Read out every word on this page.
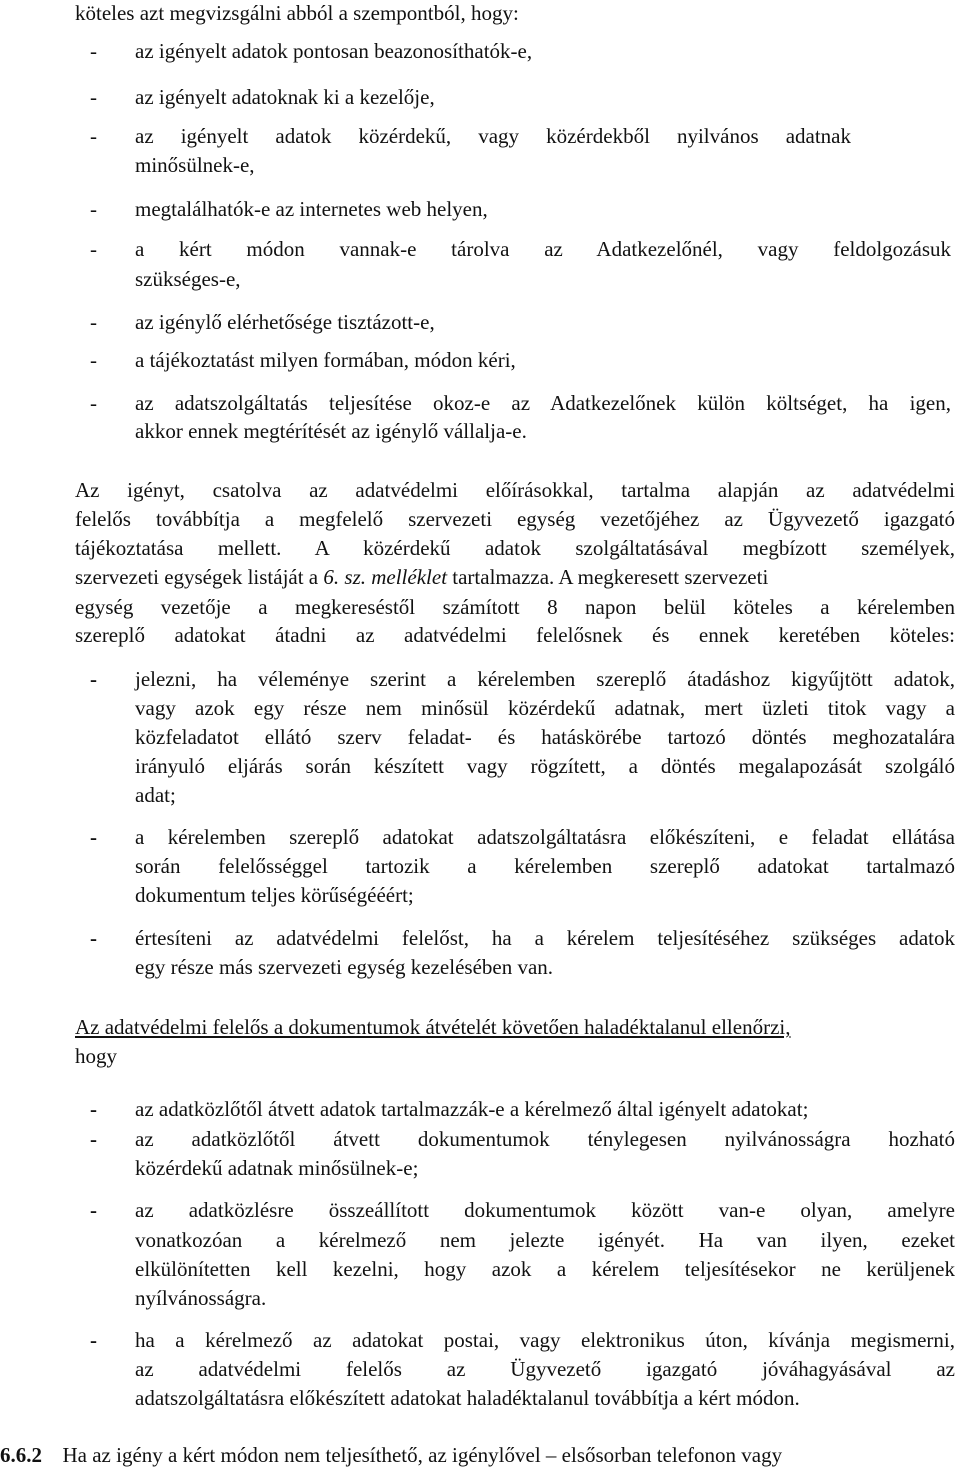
köteles azt megvizsgálni abból a szempontból, hogy:
- az igényelt adatok pontosan beazonosíthatók-e,
- az igényelt adatoknak ki a kezelője,
- az igényelt adatok közérdekű, vagy közérdekből nyilvános adatnak
minősülnek-e,
- megtalálhatók-e az internetes web helyen,
- a kért módon vannak-e tárolva az Adatkezelőnél, vagy feldolgozásuk
szükséges-e,
- az igénylő elérhetősége tisztázott-e,
- a tájékoztatást milyen formában, módon kéri,
- az adatszolgáltatás teljesítése okoz-e az Adatkezelőnek külön költséget, ha igen,
akkor ennek megtérítését az igénylő vállalja-e.
Az igényt, csatolva az adatvédelmi előírásokkal, tartalma alapján az adatvédelmi
felelős továbbítja a megfelelő szervezeti egység vezetőjéhez az Ügyvezető igazgató
tájékoztatása mellett. A közérdekű adatok szolgáltatásával megbízott személyek,
szervezeti egységek listáját a 6. sz. melléklet tartalmazza. A megkeresett szervezeti
egység vezetője a megkereséstől számított 8 napon belül köteles a kérelemben
szereplő adatokat átadni az adatvédelmi felelősnek és ennek keretében köteles:
- jelezni, ha véleménye szerint a kérelemben szereplő átadáshoz kigyűjtött adatok,
vagy azok egy része nem minősül közérdekű adatnak, mert üzleti titok vagy a
közfeladatot ellátó szerv feladat- és hatáskörébe tartozó döntés meghozatalára
irányuló eljárás során készített vagy rögzített, a döntés megalapozását szolgáló
adat;
- a kérelemben szereplő adatokat adatszolgáltatásra előkészíteni, e feladat ellátása
során felelősséggel tartozik a kérelemben szereplő adatokat tartalmazó
dokumentum teljes körűségééért;
- értesíteni az adatvédelmi felelőst, ha a kérelem teljesítéséhez szükséges adatok
egy része más szervezeti egység kezelésében van.
Az adatvédelmi felelős a dokumentumok átvételét követően haladéktalanul ellenőrzi,
hogy
- az adatközlőtől átvett adatok tartalmazzák-e a kérelmező által igényelt adatokat;
- az adatközlőtől átvett dokumentumok ténylegesen nyilvánosságra hozható
közérdekű adatnak minősülnek-e;
- az adatközlésre összeállított dokumentumok között van-e olyan, amelyre
vonatkozóan a kérelmező nem jelezte igényét. Ha van ilyen, ezeket
elkülönítetten kell kezelni, hogy azok a kérelem teljesítésekor ne kerüljenek
nyílvánosságra.
- ha a kérelmező az adatokat postai, vagy elektronikus úton, kívánja megismerni,
az adatvédelmi felelős az Ügyvezető igazgató jóváhagyásával az
adatszolgáltatásra előkészített adatokat haladéktalanul továbbítja a kért módon.
6.6.2 Ha az igény a kért módon nem teljesíthető, az igénylővel – elsősorban telefonon vagy
